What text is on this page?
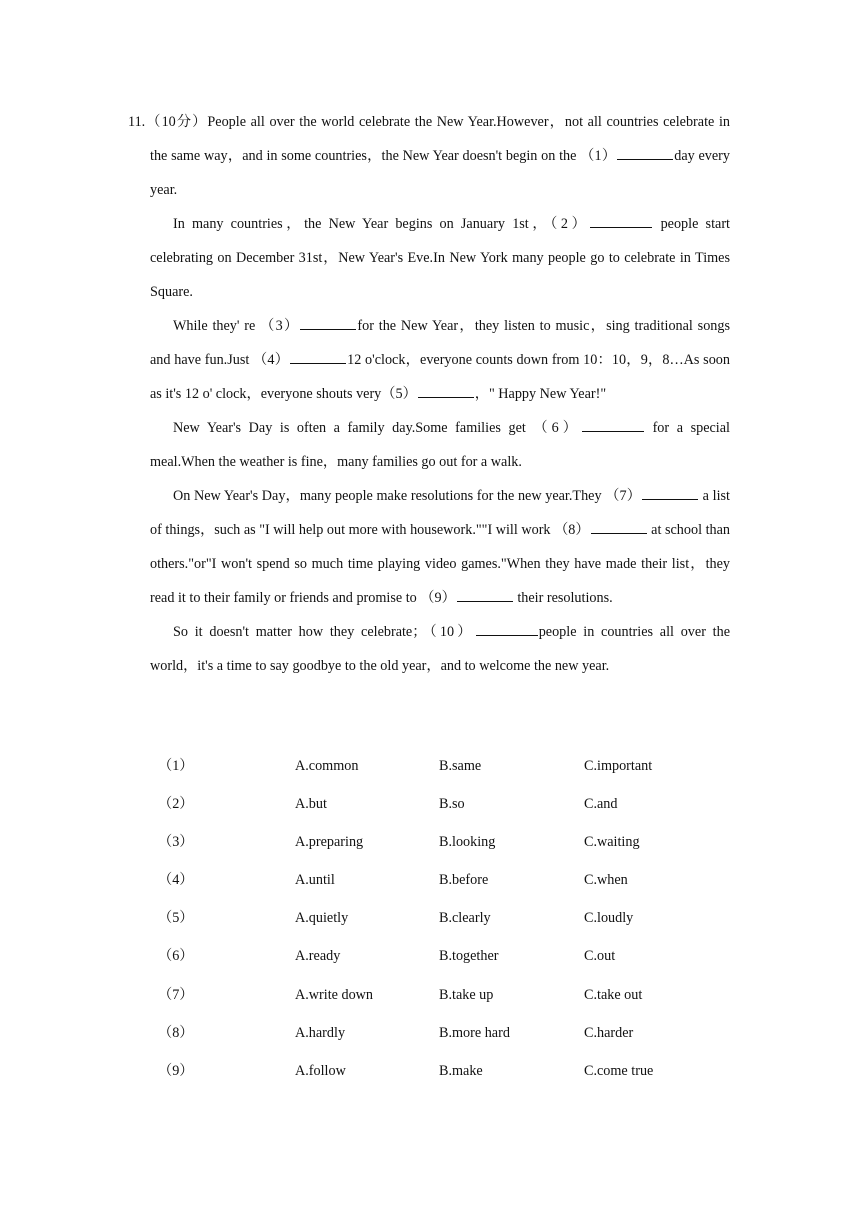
11.（10分）People all over the world celebrate the New Year.However，not all countries celebrate in the same way，and in some countries，the New Year doesn't begin on the （1）	day every year.

In many countries，the New Year begins on January 1st，（2）	people start celebrating on December 31st，New Year's Eve.In New York many people go to celebrate in Times Square.

While they' re （3）	for the New Year，they listen to music，sing traditional songs and have fun.Just （4）	12 o'clock，everyone counts down from 10：10，9，8…As soon as it's 12 o' clock，everyone shouts very（5）	，" Happy New Year!"

New Year's Day is often a family day.Some families get （6）	for a special meal.When the weather is fine，many families go out for a walk.

On New Year's Day，many people make resolutions for the new year.They （7）	a list of things，such as "I will help out more with housework.""I will work （8）	at school than others."or"I won't spend so much time playing video games."When they have made their list，they read it to their family or friends and promise to （9）	their resolutions.

So it doesn't matter how they celebrate；（10）	people in countries all over the world，it's a time to say goodbye to the old year，and to welcome the new year.

（1）	A.common	B.same	C.important
（2）	A.but	B.so	C.and
（3）	A.preparing	B.looking	C.waiting
（4）	A.until	B.before	C.when
（5）	A.quietly	B.clearly	C.loudly
（6）	A.ready	B.together	C.out
（7）	A.write down	B.take up	C.take out
（8）	A.hardly	B.more hard	C.harder
（9）	A.follow	B.make	C.come true
